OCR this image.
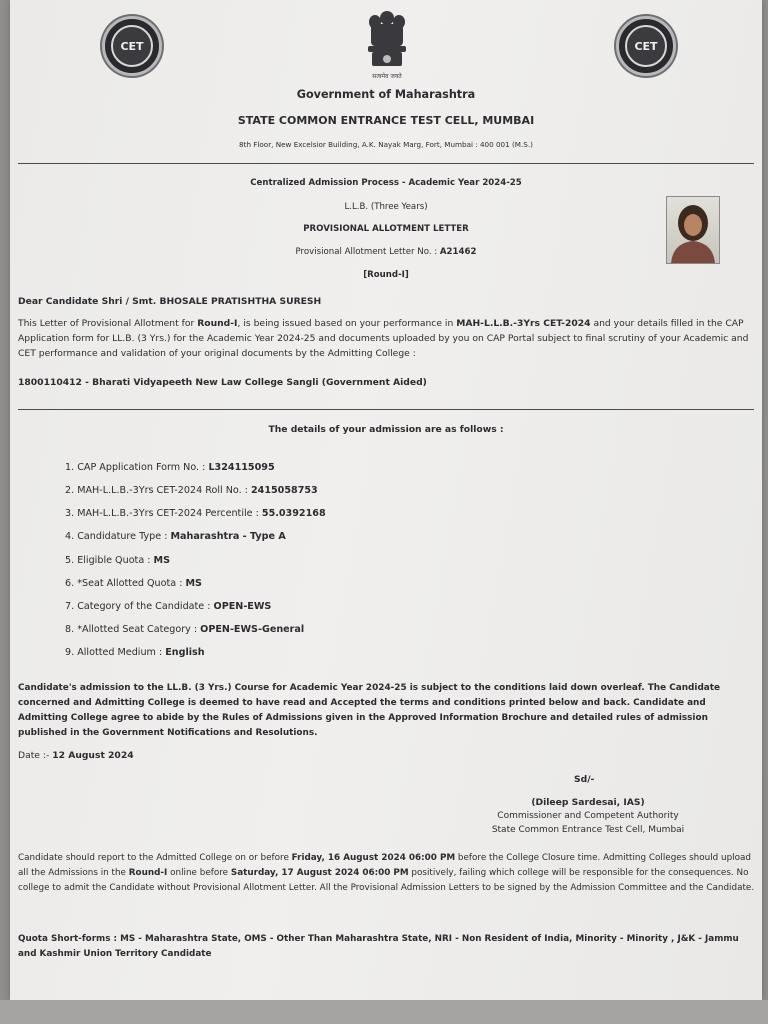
CET	CET
सत्यमेव जयते
Government of Maharashtra
STATE COMMON ENTRANCE TEST CELL, MUMBAI
8th Floor, New Excelsior Building, A.K. Nayak Marg, Fort, Mumbai : 400 001 (M.S.)
Centralized Admission Process - Academic Year 2024-25
L.L.B. (Three Years)
PROVISIONAL ALLOTMENT LETTER
Provisional Allotment Letter No. : A21462
[Round-I]
Dear Candidate Shri / Smt. BHOSALE PRATISHTHA SURESH
This Letter of Provisional Allotment for Round-I, is being issued based on your performance in MAH-L.L.B.-3Yrs CET-2024 and your details filled in the CAP Application form for LL.B. (3 Yrs.) for the Academic Year 2024-25 and documents uploaded by you on CAP Portal subject to final scrutiny of your Academic and CET performance and validation of your original documents by the Admitting College :
1800110412 - Bharati Vidyapeeth New Law College Sangli (Government Aided)
The details of your admission are as follows :
1. CAP Application Form No. : L324115095
2. MAH-L.L.B.-3Yrs CET-2024 Roll No. : 2415058753
3. MAH-L.L.B.-3Yrs CET-2024 Percentile : 55.0392168
4. Candidature Type : Maharashtra - Type A
5. Eligible Quota : MS
6. *Seat Allotted Quota : MS
7. Category of the Candidate : OPEN-EWS
8. *Allotted Seat Category : OPEN-EWS-General
9. Allotted Medium : English
Candidate's admission to the LL.B. (3 Yrs.) Course for Academic Year 2024-25 is subject to the conditions laid down overleaf. The Candidate concerned and Admitting College is deemed to have read and Accepted the terms and conditions printed below and back. Candidate and Admitting College agree to abide by the Rules of Admissions given in the Approved Information Brochure and detailed rules of admission published in the Government Notifications and Resolutions.
Date :- 12 August 2024
Sd/-
(Dileep Sardesai, IAS)
Commissioner and Competent Authority
State Common Entrance Test Cell, Mumbai
Candidate should report to the Admitted College on or before Friday, 16 August 2024 06:00 PM before the College Closure time. Admitting Colleges should upload all the Admissions in the Round-I online before Saturday, 17 August 2024 06:00 PM positively, failing which college will be responsible for the consequences. No college to admit the Candidate without Provisional Allotment Letter. All the Provisional Admission Letters to be signed by the Admission Committee and the Candidate.
Quota Short-forms : MS - Maharashtra State, OMS - Other Than Maharashtra State, NRI - Non Resident of India, Minority - Minority , J&K - Jammu and Kashmir Union Territory Candidate
